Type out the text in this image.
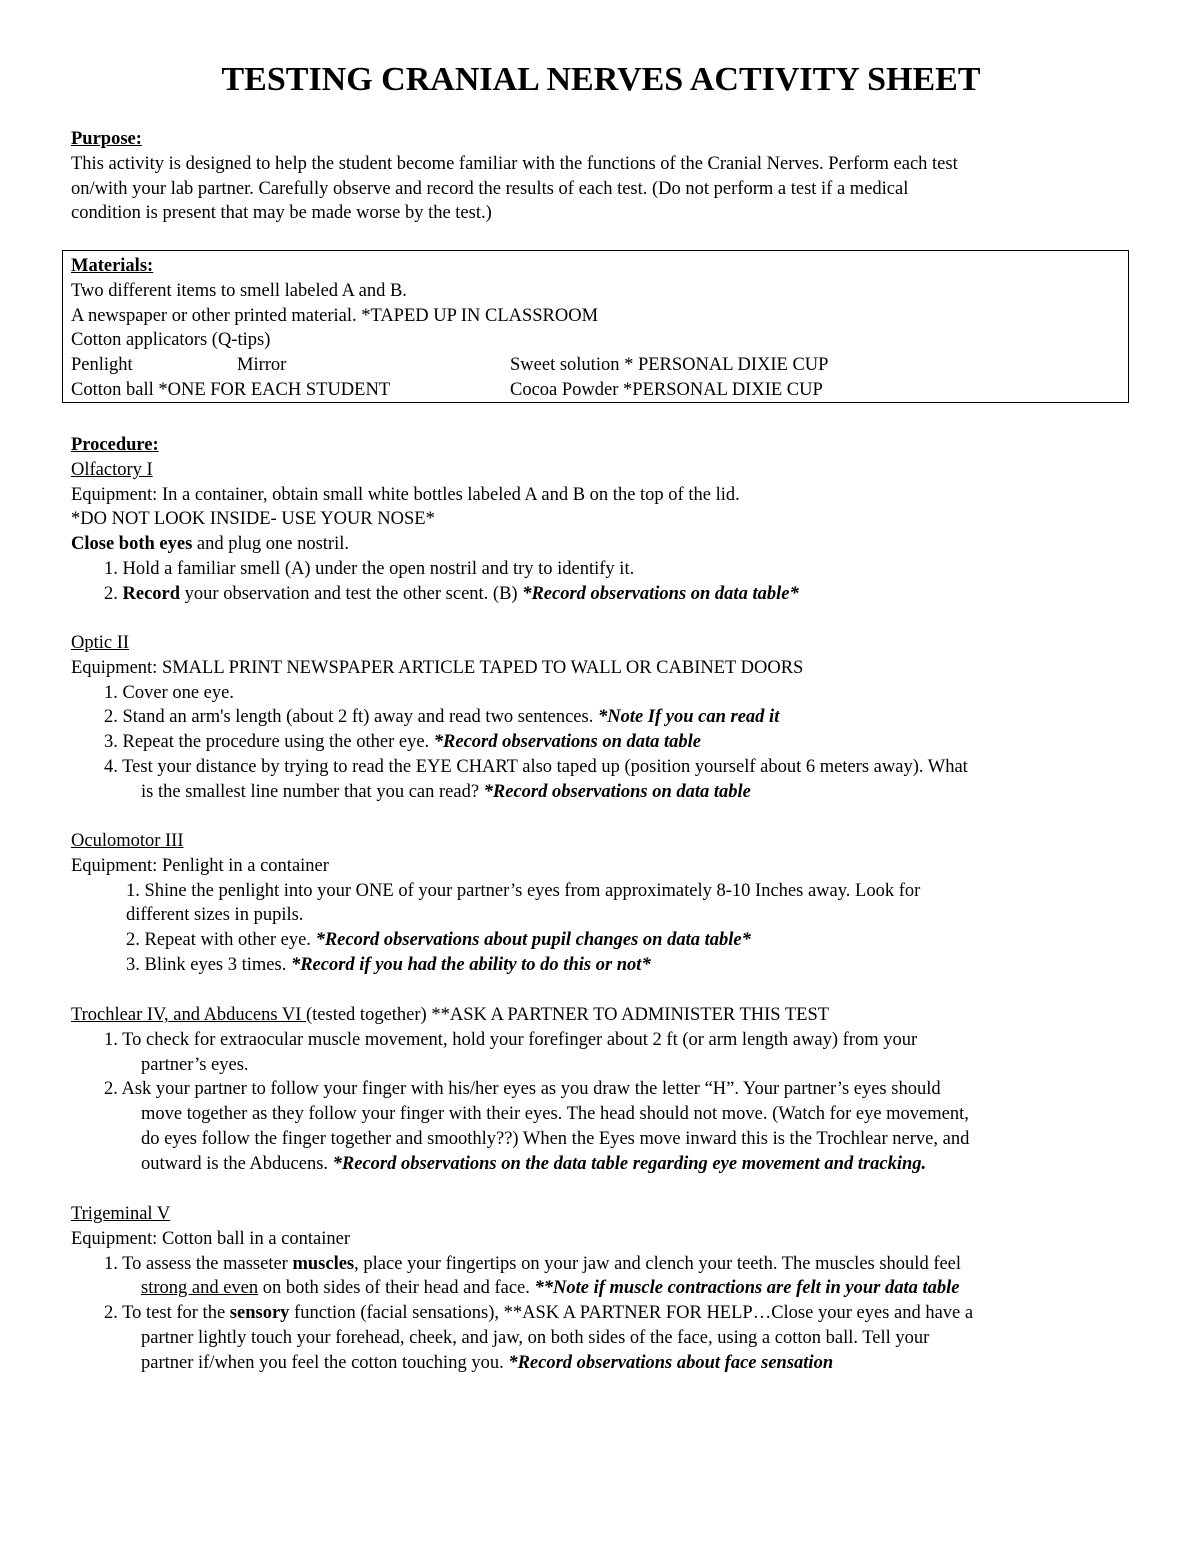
TESTING CRANIAL NERVES ACTIVITY SHEET
Purpose:
This activity is designed to help the student become familiar with the functions of the Cranial Nerves. Perform each test
on/with your lab partner. Carefully observe and record the results of each test. (Do not perform a test if a medical
condition is present that may be made worse by the test.)
Materials:
Two different items to smell labeled A and B.
A newspaper or other printed material. *TAPED UP IN CLASSROOM
Cotton applicators (Q-tips)
Penlight	Mirror	Sweet solution * PERSONAL DIXIE CUP
Cotton ball *ONE FOR EACH STUDENT	Cocoa Powder *PERSONAL DIXIE CUP
Procedure:
Olfactory I
Equipment: In a container, obtain small white bottles labeled A and B on the top of the lid.
*DO NOT LOOK INSIDE- USE YOUR NOSE*
Close both eyes and plug one nostril.
1. Hold a familiar smell (A) under the open nostril and try to identify it.
2. Record your observation and test the other scent. (B) *Record observations on data table*
Optic II
Equipment: SMALL PRINT NEWSPAPER ARTICLE TAPED TO WALL OR CABINET DOORS
1. Cover one eye.
2. Stand an arm's length (about 2 ft) away and read two sentences. *Note If you can read it
3. Repeat the procedure using the other eye. *Record observations on data table
4. Test your distance by trying to read the EYE CHART also taped up (position yourself about 6 meters away). What
is the smallest line number that you can read? *Record observations on data table
Oculomotor III
Equipment: Penlight in a container
1. Shine the penlight into your ONE of your partner’s eyes from approximately 8-10 Inches away. Look for
different sizes in pupils.
2. Repeat with other eye. *Record observations about pupil changes on data table*
3. Blink eyes 3 times. *Record if you had the ability to do this or not*
Trochlear IV, and Abducens VI (tested together) **ASK A PARTNER TO ADMINISTER THIS TEST
1. To check for extraocular muscle movement, hold your forefinger about 2 ft (or arm length away) from your
partner’s eyes.
2. Ask your partner to follow your finger with his/her eyes as you draw the letter “H”. Your partner’s eyes should
move together as they follow your finger with their eyes. The head should not move. (Watch for eye movement,
do eyes follow the finger together and smoothly??) When the Eyes move inward this is the Trochlear nerve, and
outward is the Abducens. *Record observations on the data table regarding eye movement and tracking.
Trigeminal V
Equipment: Cotton ball in a container
1. To assess the masseter muscles, place your fingertips on your jaw and clench your teeth. The muscles should feel
strong and even on both sides of their head and face. **Note if muscle contractions are felt in your data table
2. To test for the sensory function (facial sensations), **ASK A PARTNER FOR HELP…Close your eyes and have a
partner lightly touch your forehead, cheek, and jaw, on both sides of the face, using a cotton ball. Tell your
partner if/when you feel the cotton touching you. *Record observations about face sensation
